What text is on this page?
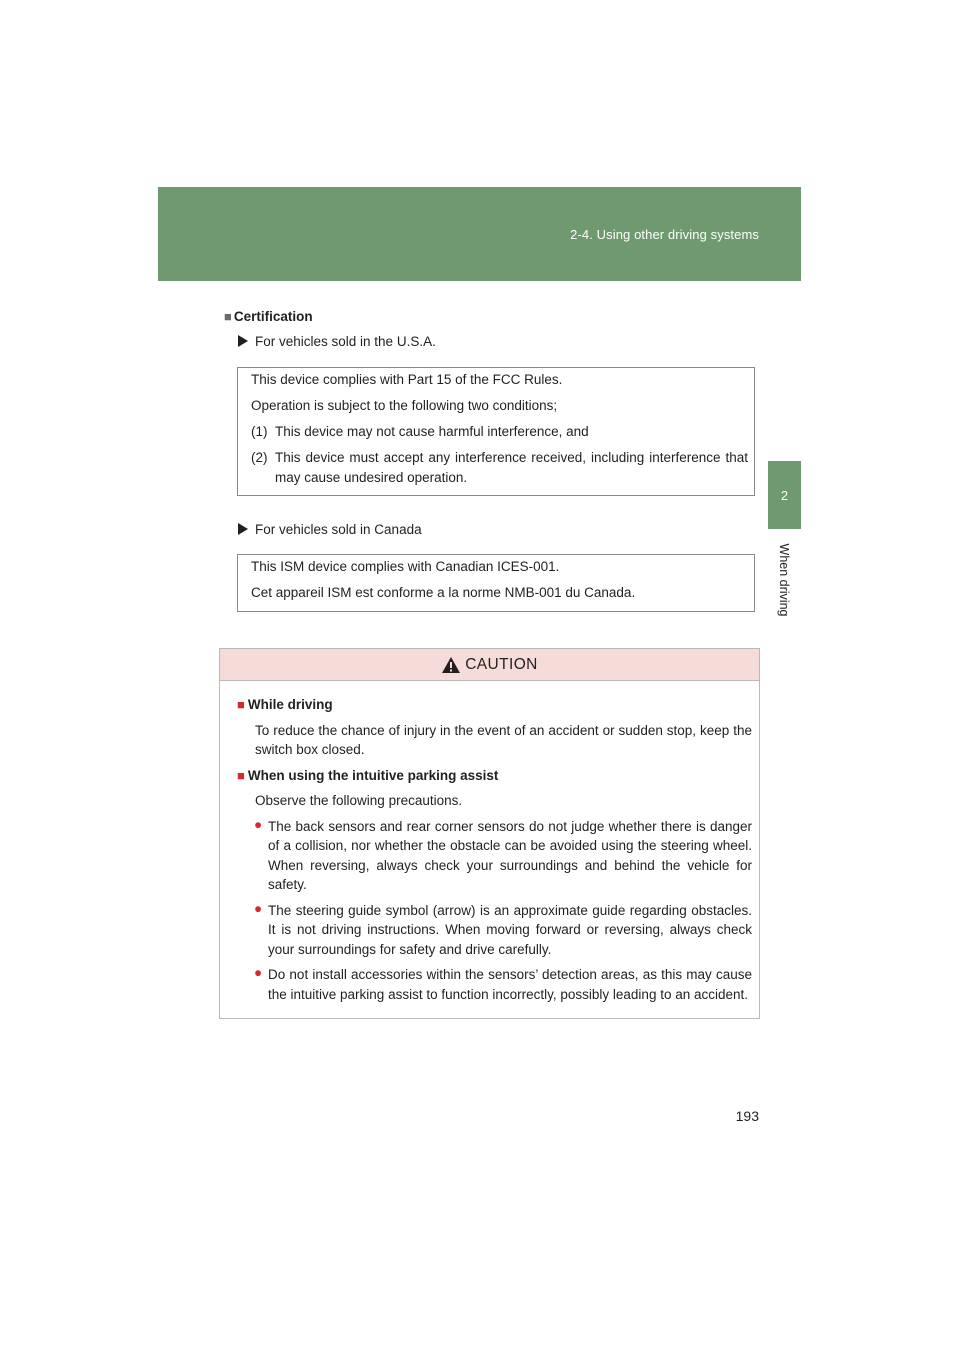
2-4. Using other driving systems
2
When driving
■ Certification
For vehicles sold in the U.S.A.

This device complies with Part 15 of the FCC Rules.

Operation is subject to the following two conditions;

(1) This device may not cause harmful interference, and

(2) This device must accept any interference received, including interference that may cause undesired operation.

For vehicles sold in Canada

This ISM device complies with Canadian ICES-001.

Cet appareil ISM est conforme a la norme NMB-001 du Canada.

CAUTION

■ While driving

To reduce the chance of injury in the event of an accident or sudden stop, keep the switch box closed.

■ When using the intuitive parking assist

Observe the following precautions.

● The back sensors and rear corner sensors do not judge whether there is danger of a collision, nor whether the obstacle can be avoided using the steering wheel. When reversing, always check your surroundings and behind the vehicle for safety.

● The steering guide symbol (arrow) is an approximate guide regarding obstacles. It is not driving instructions. When moving forward or reversing, always check your surroundings for safety and drive carefully.

● Do not install accessories within the sensors’ detection areas, as this may cause the intuitive parking assist to function incorrectly, possibly leading to an accident.

193
